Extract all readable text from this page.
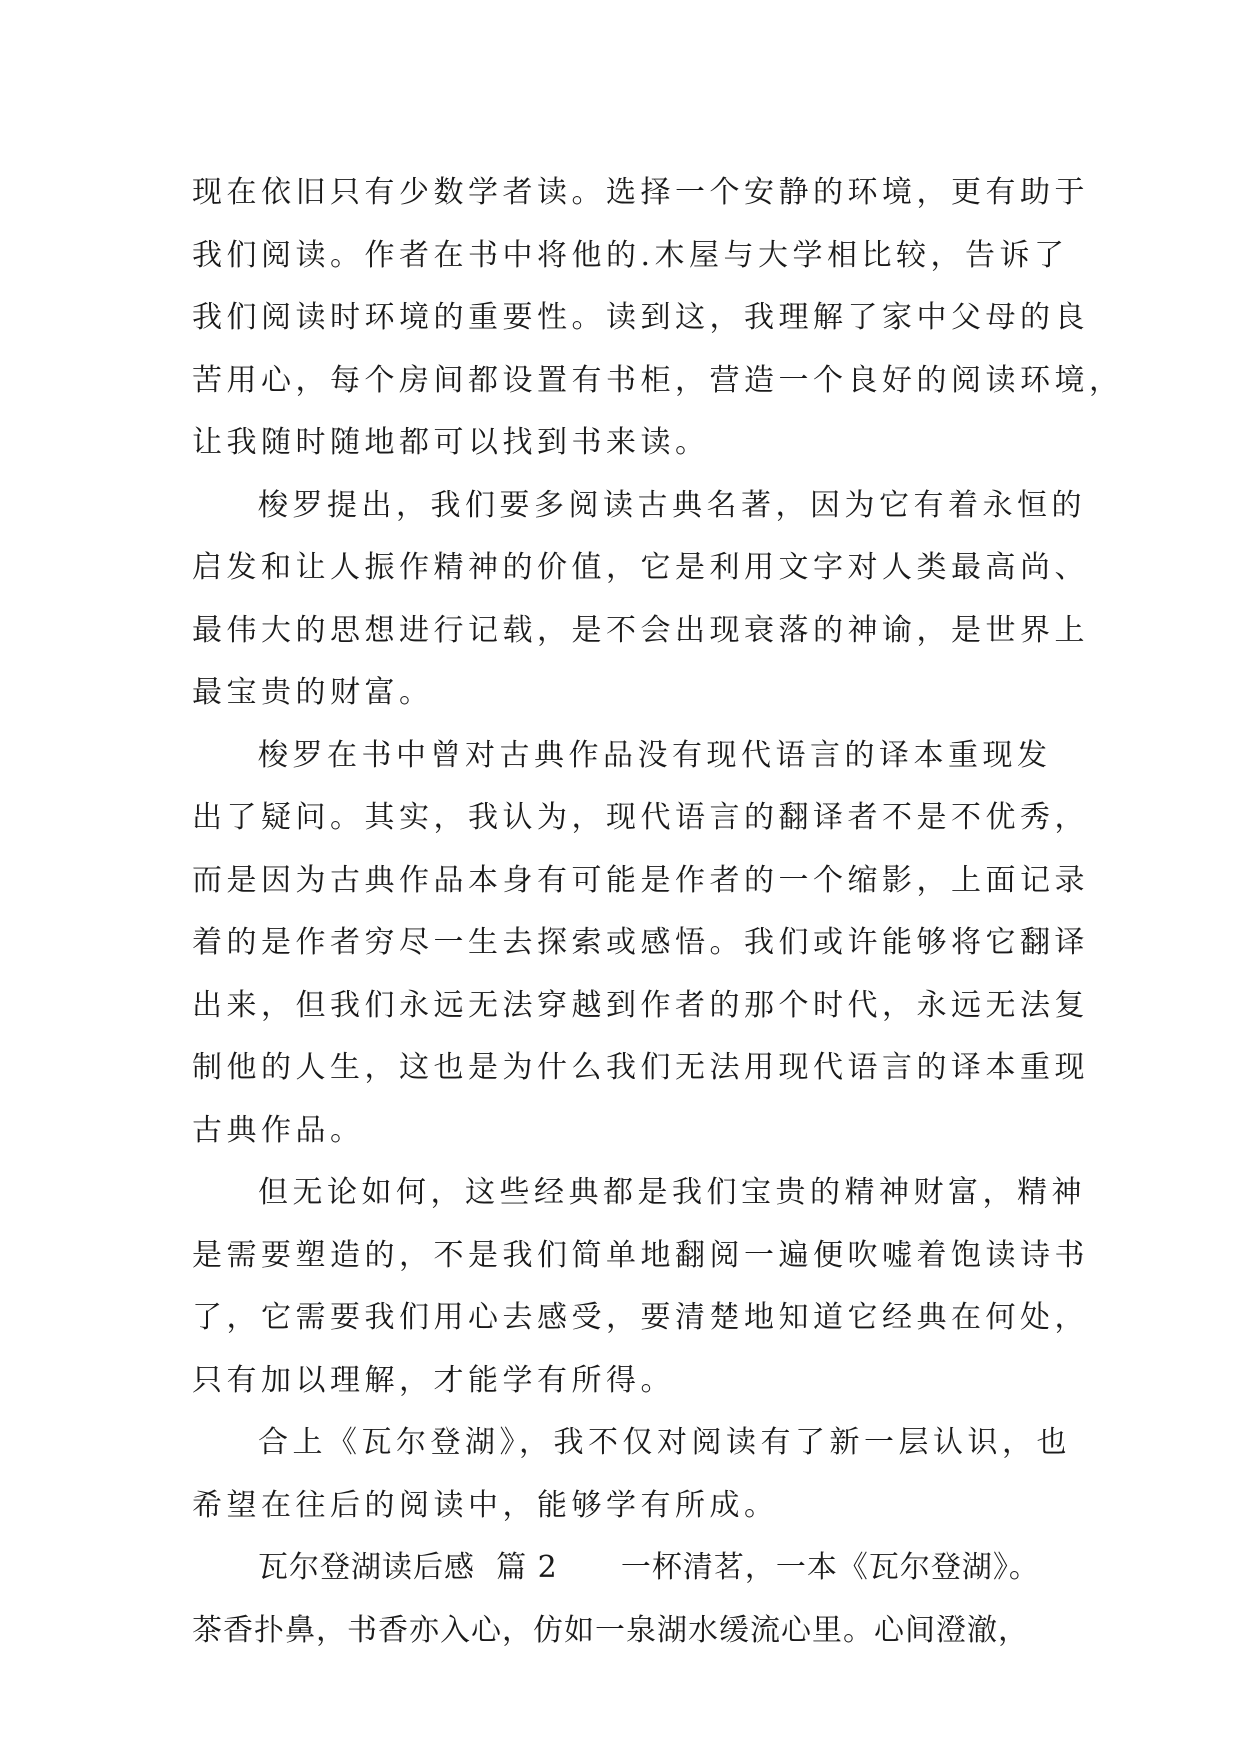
现在依旧只有少数学者读。选择一个安静的环境，更有助于
我们阅读。作者在书中将他的.木屋与大学相比较，告诉了
我们阅读时环境的重要性。读到这，我理解了家中父母的良
苦用心，每个房间都设置有书柜，营造一个良好的阅读环境，
让我随时随地都可以找到书来读。
梭罗提出，我们要多阅读古典名著，因为它有着永恒的
启发和让人振作精神的价值，它是利用文字对人类最高尚、
最伟大的思想进行记载，是不会出现衰落的神谕，是世界上
最宝贵的财富。
梭罗在书中曾对古典作品没有现代语言的译本重现发
出了疑问。其实，我认为，现代语言的翻译者不是不优秀，
而是因为古典作品本身有可能是作者的一个缩影，上面记录
着的是作者穷尽一生去探索或感悟。我们或许能够将它翻译
出来，但我们永远无法穿越到作者的那个时代，永远无法复
制他的人生，这也是为什么我们无法用现代语言的译本重现
古典作品。
但无论如何，这些经典都是我们宝贵的精神财富，精神
是需要塑造的，不是我们简单地翻阅一遍便吹嘘着饱读诗书
了，它需要我们用心去感受，要清楚地知道它经典在何处，
只有加以理解，才能学有所得。
合上《瓦尔登湖》，我不仅对阅读有了新一层认识，也
希望在往后的阅读中，能够学有所成。
瓦尔登湖读后感  篇 2      一杯清茗，一本《瓦尔登湖》。
茶香扑鼻，书香亦入心，仿如一泉湖水缓流心里。心间澄澈，
